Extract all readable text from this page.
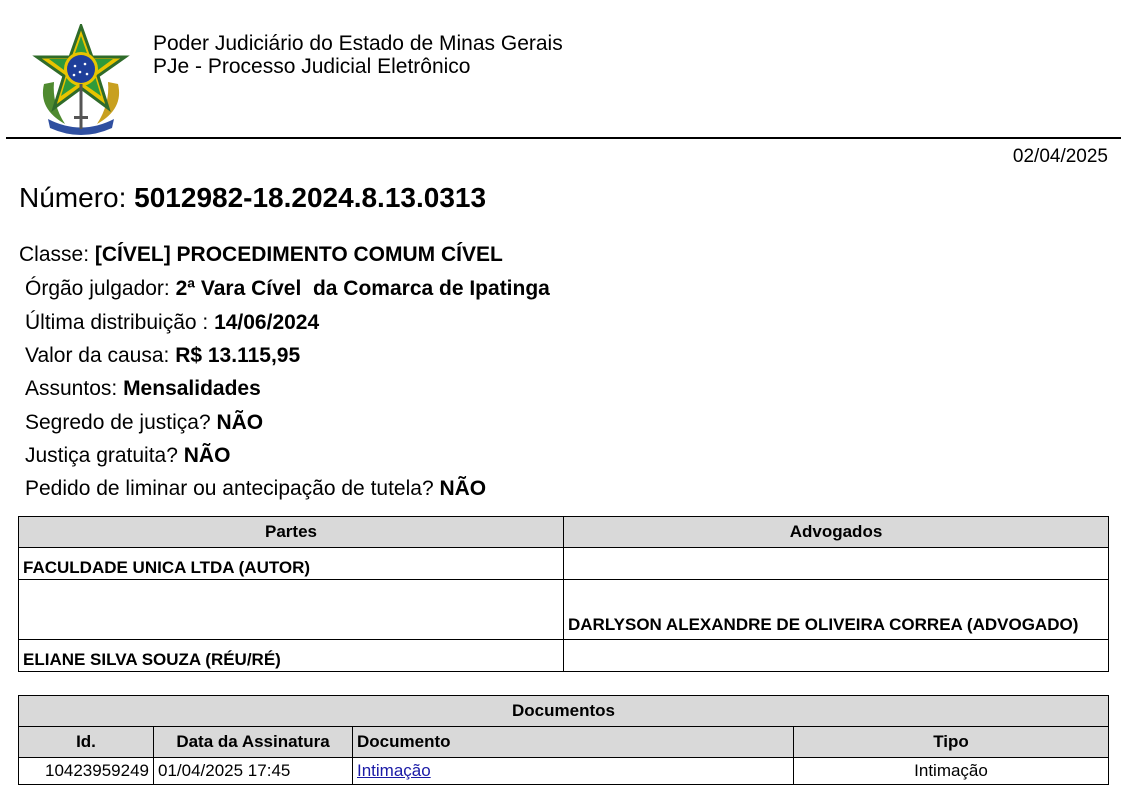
Poder Judiciário do Estado de Minas Gerais
PJe - Processo Judicial Eletrônico
02/04/2025
Número: 5012982-18.2024.8.13.0313
Classe: [CÍVEL] PROCEDIMENTO COMUM CÍVEL
Órgão julgador: 2ª Vara Cível  da Comarca de Ipatinga
Última distribuição : 14/06/2024
Valor da causa: R$ 13.115,95
Assuntos: Mensalidades
Segredo de justiça? NÃO
Justiça gratuita? NÃO
Pedido de liminar ou antecipação de tutela? NÃO
Partes	Advogados
FACULDADE UNICA LTDA (AUTOR)	
	DARLYSON ALEXANDRE DE OLIVEIRA CORREA (ADVOGADO)
ELIANE SILVA SOUZA (RÉU/RÉ)	
Documentos			
Id.	Data da Assinatura	Documento	Tipo
10423959249	01/04/2025 17:45	Intimação	Intimação
